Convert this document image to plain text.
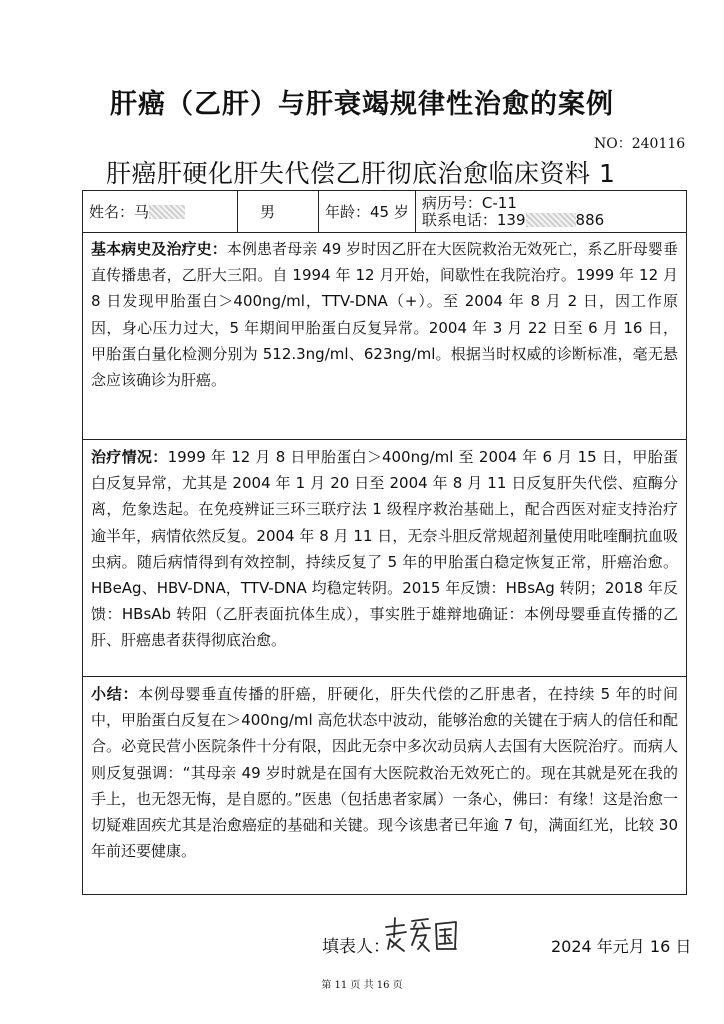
肝癌（乙肝）与肝衰竭规律性治愈的案例
NO：240116
肝癌肝硬化肝失代偿乙肝彻底治愈临床资料 1
姓名：马	男	年龄：45 岁	
病历号：C-11
联系电话：139	886

基本病史及治疗史：本例患者母亲 49 岁时因乙肝在大医院救治无效死亡，系乙肝母婴垂直传播患者，乙肝大三阳。自 1994 年 12 月开始，间歇性在我院治疗。1999 年 12 月 8 日发现甲胎蛋白＞400ng/ml，TTV-DNA（+）。至 2004 年 8 月 2 日，因工作原因，身心压力过大，5 年期间甲胎蛋白反复异常。2004 年 3 月 22 日至 6 月 16 日，甲胎蛋白量化检测分别为 512.3ng/ml、623ng/ml。根据当时权威的诊断标准，毫无悬念应该确诊为肝癌。

治疗情况：1999 年 12 月 8 日甲胎蛋白＞400ng/ml 至 2004 年 6 月 15 日，甲胎蛋白反复异常，尤其是 2004 年 1 月 20 日至 2004 年 8 月 11 日反复肝失代偿、疸酶分离，危象迭起。在免疫辨证三环三联疗法 1 级程序救治基础上，配合西医对症支持治疗逾半年，病情依然反复。2004 年 8 月 11 日，无奈斗胆反常规超剂量使用吡喹酮抗血吸虫病。随后病情得到有效控制，持续反复了 5 年的甲胎蛋白稳定恢复正常，肝癌治愈。HBeAg、HBV-DNA，TTV-DNA 均稳定转阴。2015 年反馈：HBsAg 转阴；2018 年反馈：HBsAb 转阳（乙肝表面抗体生成），事实胜于雄辩地确证：本例母婴垂直传播的乙肝、肝癌患者获得彻底治愈。

小结：本例母婴垂直传播的肝癌，肝硬化，肝失代偿的乙肝患者，在持续 5 年的时间中，甲胎蛋白反复在＞400ng/ml 高危状态中波动，能够治愈的关键在于病人的信任和配合。必竟民营小医院条件十分有限，因此无奈中多次动员病人去国有大医院治疗。而病人则反复强调：“其母亲 49 岁时就是在国有大医院救治无效死亡的。现在其就是死在我的手上，也无怨无悔，是自愿的。”医患（包括患者家属）一条心，佛曰：有缘！这是治愈一切疑难固疾尤其是治愈癌症的基础和关键。现今该患者已年逾 7 旬，满面红光，比较 30 年前还要健康。

填表人：	2024 年元月 16 日
第 11 页 共 16 页
